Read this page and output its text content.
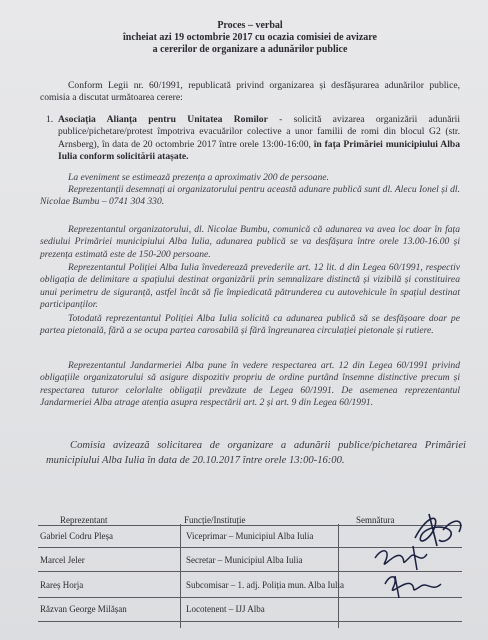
Proces – verbal
încheiat azi 19 octombrie 2017 cu ocazia comisiei de avizare
a cererilor de organizare a adunărilor publice
Conform Legii nr. 60/1991, republicată privind organizarea și desfășurarea adunărilor publice, comisia a discutat următoarea cerere:
1. Asociația Alianța pentru Unitatea Romilor - solicită avizarea organizării adunării publice/pichetare/protest împotriva evacuărilor colective a unor familii de romi din blocul G2 (str. Arnsberg), în data de 20 octombrie 2017 între orele 13:00-16:00, în fața Primăriei municipiului Alba Iulia conform solicitării atașate.
La eveniment se estimează prezența a aproximativ 200 de persoane.
Reprezentanții desemnați ai organizatorului pentru această adunare publică sunt dl. Alecu Ionel și dl. Nicolae Bumbu – 0741 304 330.
Reprezentantul organizatorului, dl. Nicolae Bumbu, comunică că adunarea va avea loc doar în fața sediului Primăriei municipiului Alba Iulia, adunarea publică se va desfășura între orele 13.00-16.00 și prezența estimată este de 150-200 persoane.
Reprezentantul Poliției Alba Iulia învederează prevederile art. 12 lit. d din Legea 60/1991, respectiv obligația de delimitare a spațiului destinat organizării prin semnalizare distinctă și vizibilă și constituirea unui perimetru de siguranță, astfel încât să fie împiedicată pătrunderea cu autovehicule în spațiul destinat participanților.
Totodată reprezentantul Poliției Alba Iulia solicită ca adunarea publică să se desfășoare doar pe partea pietonală, fără a se ocupa partea carosabilă și fără îngreunarea circulației pietonale și rutiere.
Reprezentantul Jandarmeriei Alba pune în vedere respectarea art. 12 din Legea 60/1991 privind obligațiile organizatorului să asigure dispozitiv propriu de ordine purtând însemne distinctive precum și respectarea tuturor celorlalte obligații prevăzute de Legea 60/1991. De asemenea reprezentantul Jandarmeriei Alba atrage atenția asupra respectării art. 2 și art. 9 din Legea 60/1991.
Comisia avizează solicitarea de organizare a adunării publice/pichetarea Primăriei municipiului Alba Iulia în data de 20.10.2017 între orele 13:00-16:00.
Reprezentant	Funcție/Instituție	Semnătura
Gabriel Codru Pleșa	Viceprimar – Municipiul Alba Iulia
Marcel Jeler	Secretar – Municipiul Alba Iulia
Rareș Horja	Subcomisar – 1. adj. Poliția mun. Alba Iulia
Răzvan George Milășan	Locotenent – IJJ Alba
